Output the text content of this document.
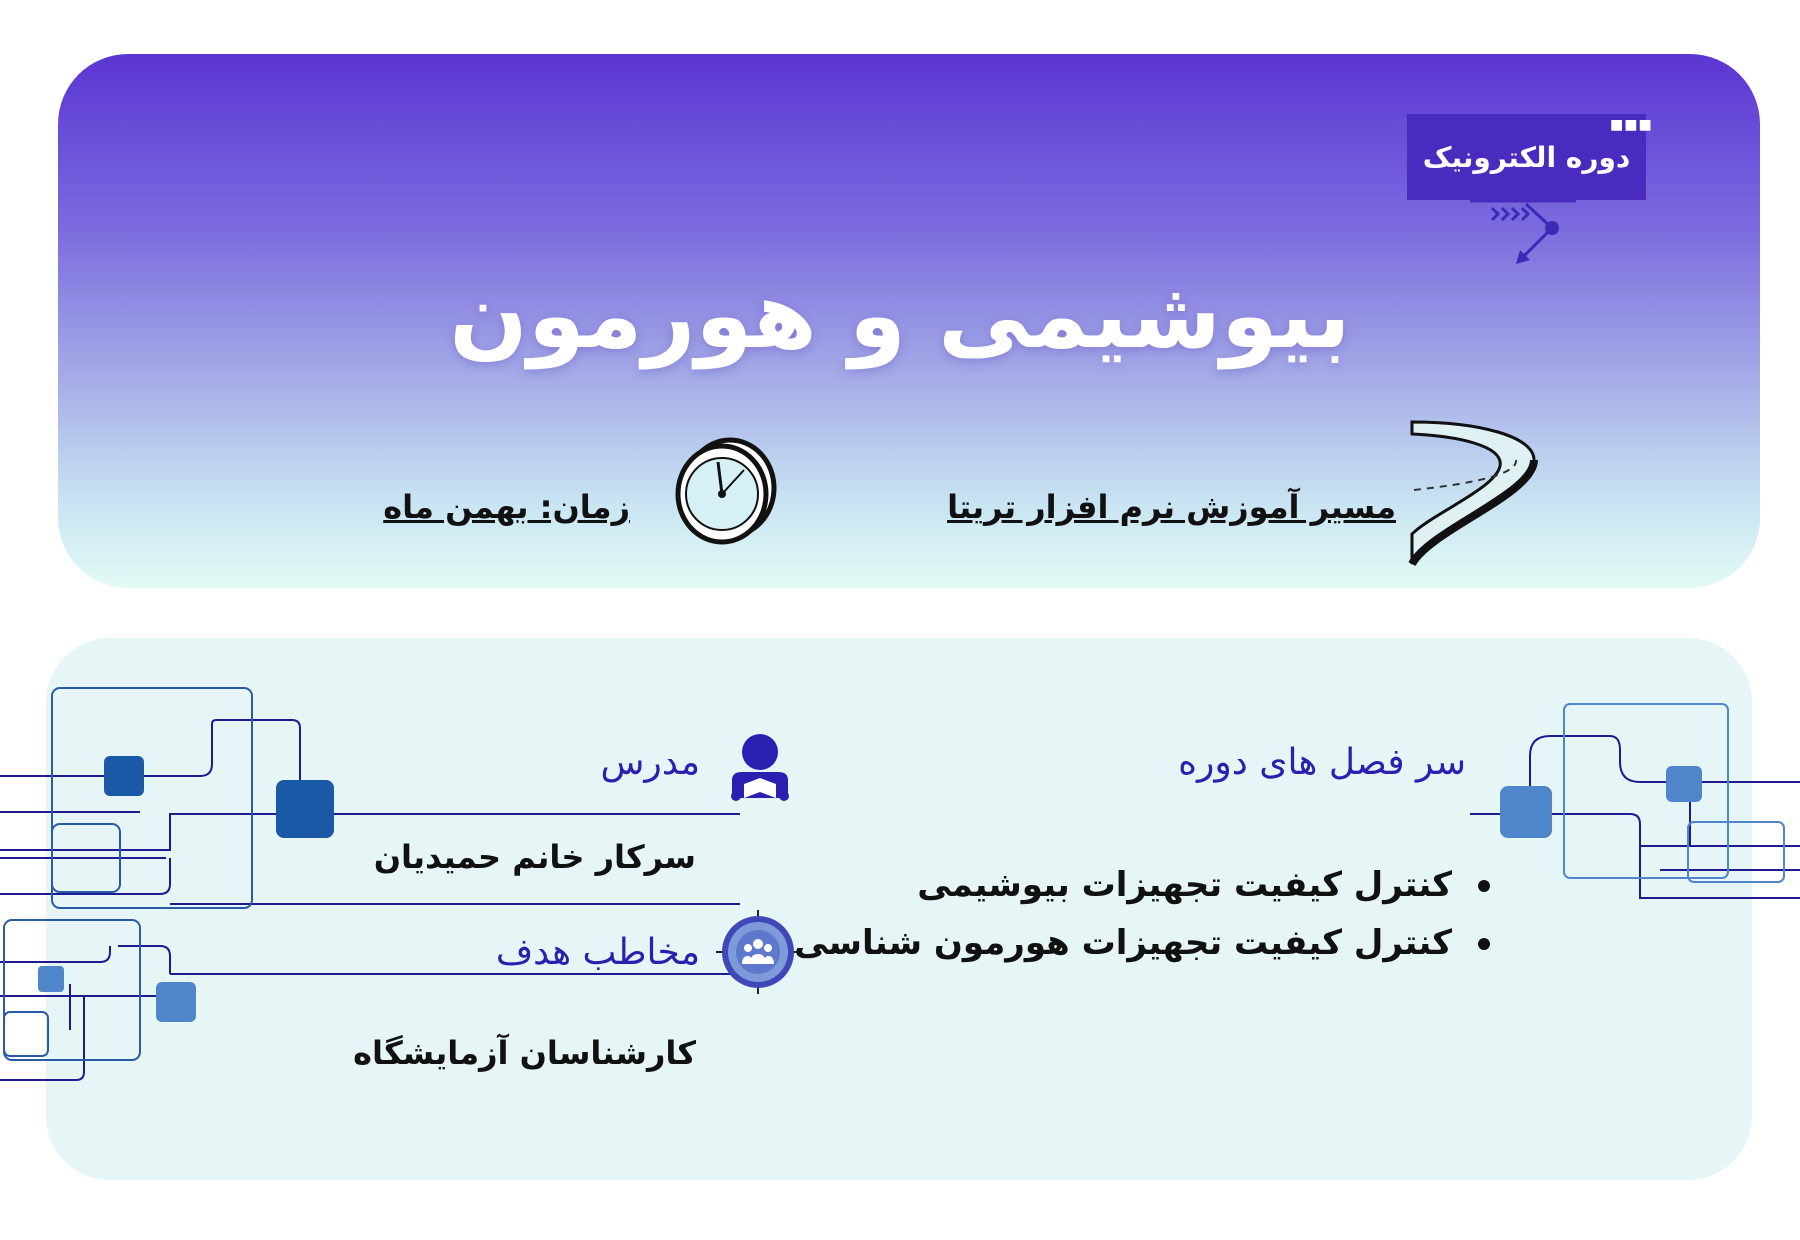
دوره الکترونیک
■■■
بیوشیمی و هورمون
مسیر آموزش نرم افزار تریتا
زمان: بهمن ماه
سر فصل های دوره
کنترل کیفیت تجهیزات بیوشیمی
کنترل کیفیت تجهیزات هورمون شناسی
مدرس
سرکار خانم حمیدیان
مخاطب هدف
کارشناسان آزمایشگاه
